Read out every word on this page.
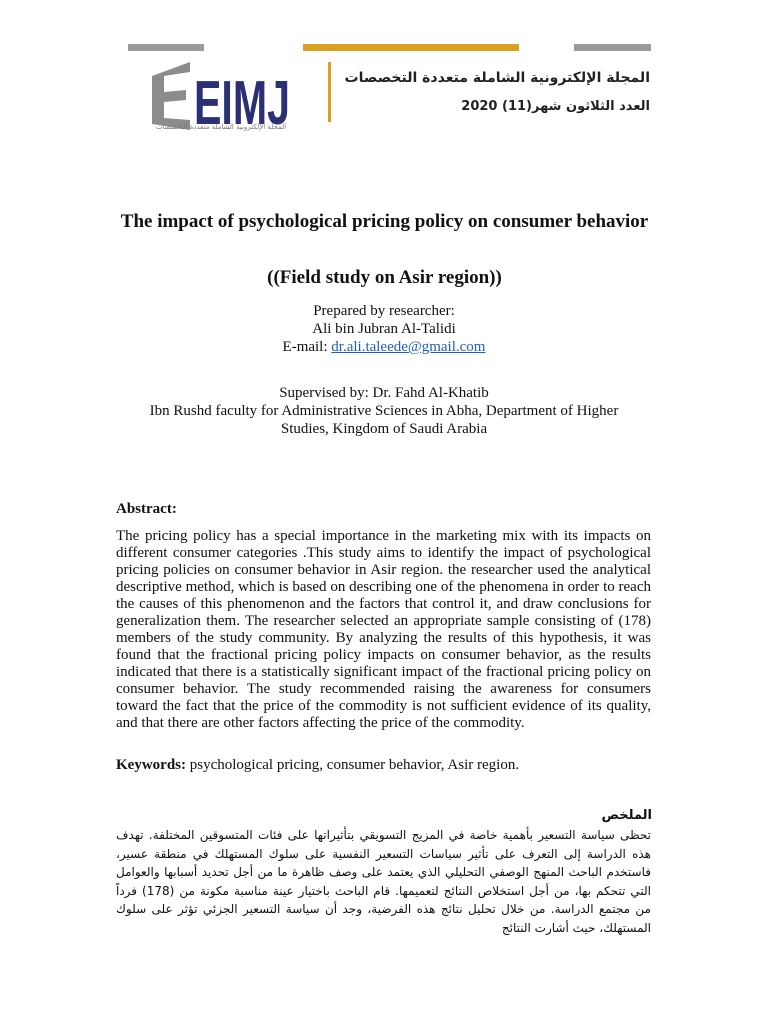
EIMJ
المجلة الإلكترونية الشاملة متعددة التخصصات
المجلة الإلكترونية الشاملة متعددة التخصصات
العدد الثلاثون شهر(11) 2020
The impact of psychological pricing policy on consumer behavior
((Field study on Asir region))
Prepared by researcher:
Ali bin Jubran Al-Talidi
E-mail: dr.ali.taleede@gmail.com
Supervised by: Dr. Fahd Al-Khatib
Ibn Rushd faculty for Administrative Sciences in Abha, Department of Higher
Studies, Kingdom of Saudi Arabia
Abstract:

The pricing policy has a special importance in the marketing mix with its impacts on different consumer categories .This study aims to identify the impact of psychological pricing policies on consumer behavior in Asir region. the researcher used the analytical descriptive method, which is based on describing one of the phenomena in order to reach the causes of this phenomenon and the factors that control it, and draw conclusions for generalization them. The researcher selected an appropriate sample consisting of (178) members of the study community. By analyzing the results of this hypothesis, it was found that the fractional pricing policy impacts on consumer behavior, as the results indicated that there is a statistically significant impact of the fractional pricing policy on consumer behavior. The study recommended raising the awareness for consumers toward the fact that the price of the commodity is not sufficient evidence of its quality, and that there are other factors affecting the price of the commodity.

Keywords: psychological pricing, consumer behavior, Asir region.
الملخص

تحظى سياسة التسعير بأهمية خاصة في المزيج التسويقي بتأثيراتها على فئات المتسوقين المختلفة. تهدف هذه الدراسة إلى التعرف على تأثير سياسات التسعير النفسية على سلوك المستهلك في منطقة عسير، فاستخدم الباحث المنهج الوصفي التحليلي الذي يعتمد على وصف ظاهرة ما من أجل تحديد أسبابها والعوامل التي تتحكم بها، من أجل استخلاص النتائج لتعميمها. قام الباحث باختيار عينة مناسبة مكونة من (178) فرداً من مجتمع الدراسة. من خلال تحليل نتائج هذه الفرضية، وجد أن سياسة التسعير الجزئي تؤثر على سلوك المستهلك، حيث أشارت النتائج
